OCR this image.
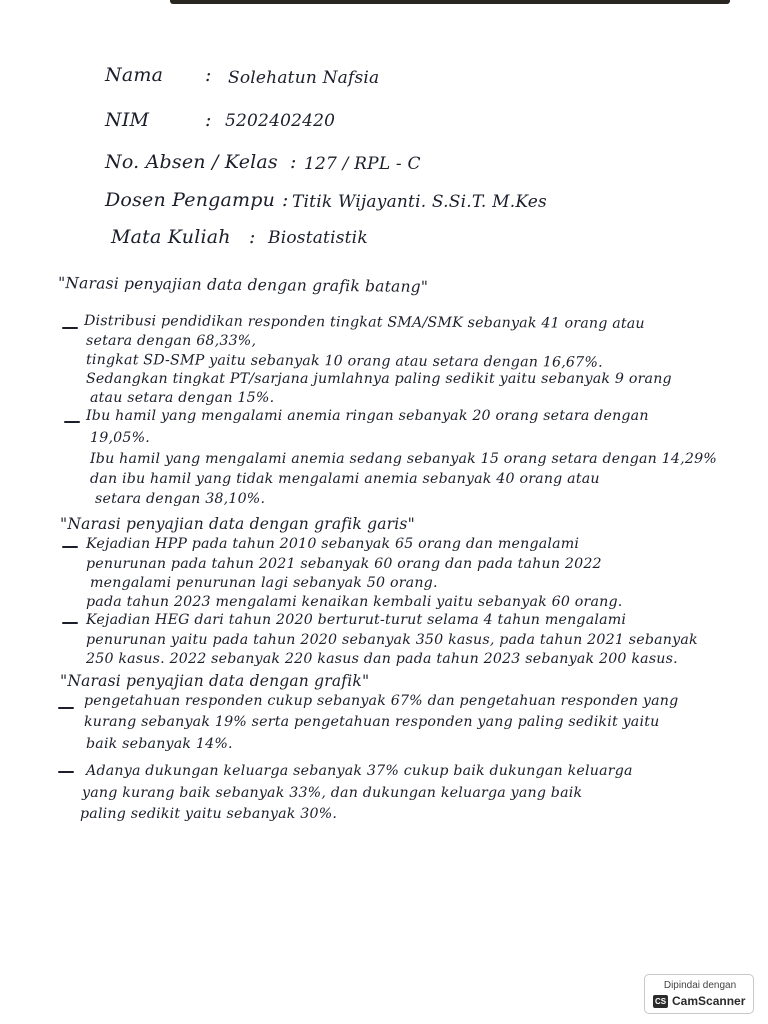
Nama : Solehatun Nafsia
NIM	: 5202402420
No. Absen / Kelas : 127 / RPL - C
Dosen Pengampu : Titik Wijayanti. S.Si.T. M.Kes
Mata Kuliah : Biostatistik
"Narasi penyajian data dengan grafik batang"
Distribusi pendidikan responden tingkat SMA/SMK sebanyak 41 orang atau
setara dengan 68,33%,
tingkat SD-SMP yaitu sebanyak 10 orang atau setara dengan 16,67%.
Sedangkan tingkat PT/sarjana jumlahnya paling sedikit yaitu sebanyak 9 orang
atau setara dengan 15%.
Ibu hamil yang mengalami anemia ringan sebanyak 20 orang setara dengan
19,05%.
Ibu hamil yang mengalami anemia sedang sebanyak 15 orang setara dengan 14,29%
dan ibu hamil yang tidak mengalami anemia sebanyak 40 orang atau
setara dengan 38,10%.
"Narasi penyajian data dengan grafik garis"
Kejadian HPP pada tahun 2010 sebanyak 65 orang dan mengalami
penurunan pada tahun 2021 sebanyak 60 orang dan pada tahun 2022
mengalami penurunan lagi sebanyak 50 orang.
pada tahun 2023 mengalami kenaikan kembali yaitu sebanyak 60 orang.
Kejadian HEG dari tahun 2020 berturut-turut selama 4 tahun mengalami
penurunan yaitu pada tahun 2020 sebanyak 350 kasus, pada tahun 2021 sebanyak
250 kasus. 2022 sebanyak 220 kasus dan pada tahun 2023 sebanyak 200 kasus.
"Narasi penyajian data dengan grafik"
pengetahuan responden cukup sebanyak 67% dan pengetahuan responden yang
kurang sebanyak 19% serta pengetahuan responden yang paling sedikit yaitu
baik sebanyak 14%.
Adanya dukungan keluarga sebanyak 37% cukup baik dukungan keluarga
yang kurang baik sebanyak 33%, dan dukungan keluarga yang baik
paling sedikit yaitu sebanyak 30%.
Dipindai dengan
CS CamScanner
